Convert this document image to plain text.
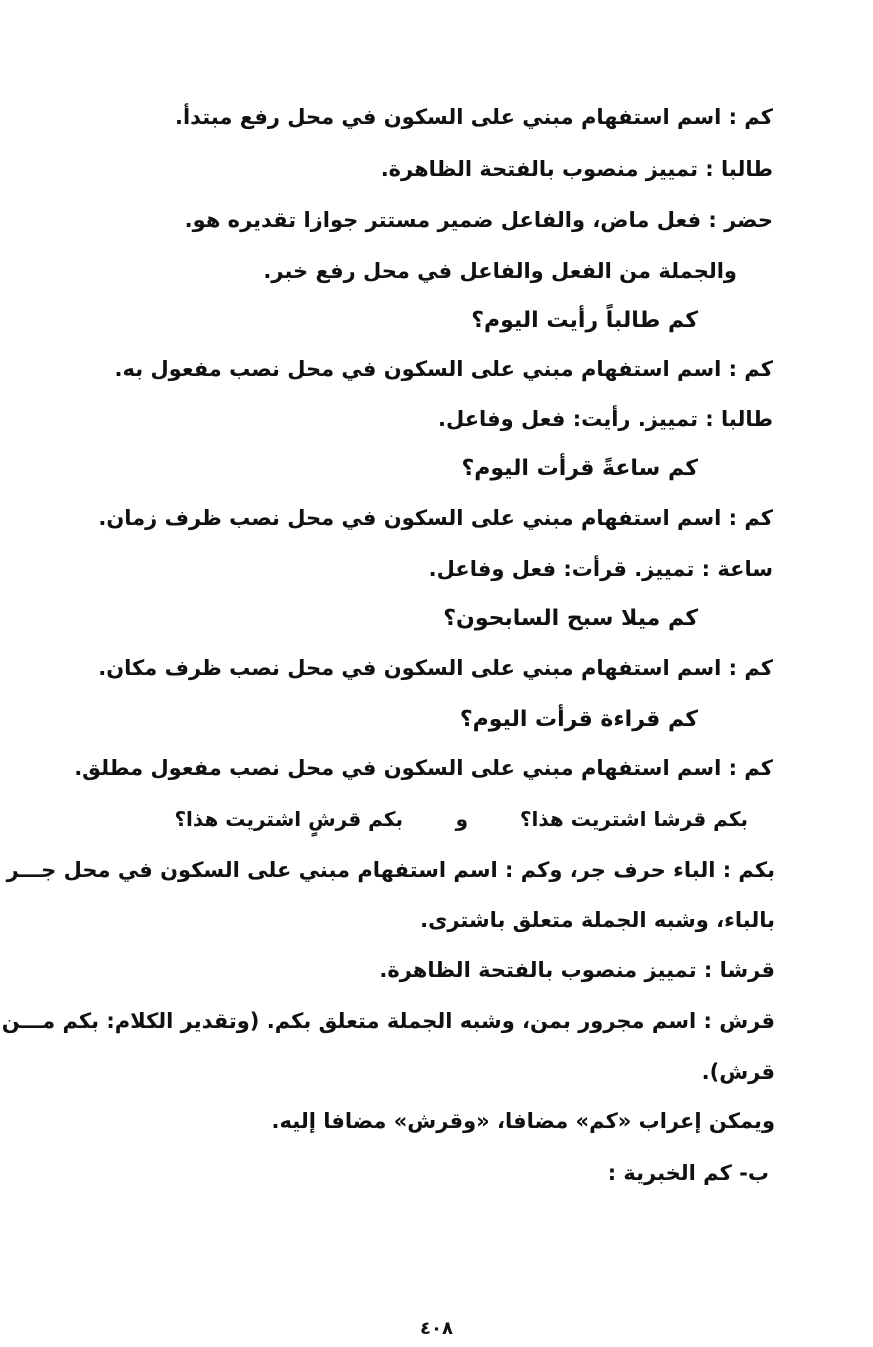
كم : اسم استفهام مبني على السكون في محل رفع مبتدأ.
طالبا : تمييز منصوب بالفتحة الظاهرة.
حضر : فعل ماض، والفاعل ضمير مستتر جوازا تقديره هو.
والجملة من الفعل والفاعل في محل رفع خبر.
كم طالباً رأيت اليوم؟
كم : اسم استفهام مبني على السكون في محل نصب مفعول به.
طالبا : تمييز. رأيت: فعل وفاعل.
كم ساعةً قرأت اليوم؟
كم : اسم استفهام مبني على السكون في محل نصب ظرف زمان.
ساعة : تمييز. قرأت: فعل وفاعل.
كم ميلا سبح السابحون؟
كم : اسم استفهام مبني على السكون في محل نصب ظرف مكان.
كم قراءة قرأت اليوم؟
كم : اسم استفهام مبني على السكون في محل نصب مفعول مطلق.
بكم قرشا اشتريت هذا؟
و
بكم قرشٍ اشتريت هذا؟
بكم : الباء حرف جر، وكم : اسم استفهام مبني على السكون في محل جـــر
بالباء، وشبه الجملة متعلق باشترى.
قرشا : تمييز منصوب بالفتحة الظاهرة.
قرش : اسم مجرور بمن، وشبه الجملة متعلق بكم. (وتقدير الكلام: بكم مـــن
قرش).
ويمكن إعراب «كم» مضافا، «وقرش» مضافا إليه.
ب- كم الخبرية :
٤٠٨
